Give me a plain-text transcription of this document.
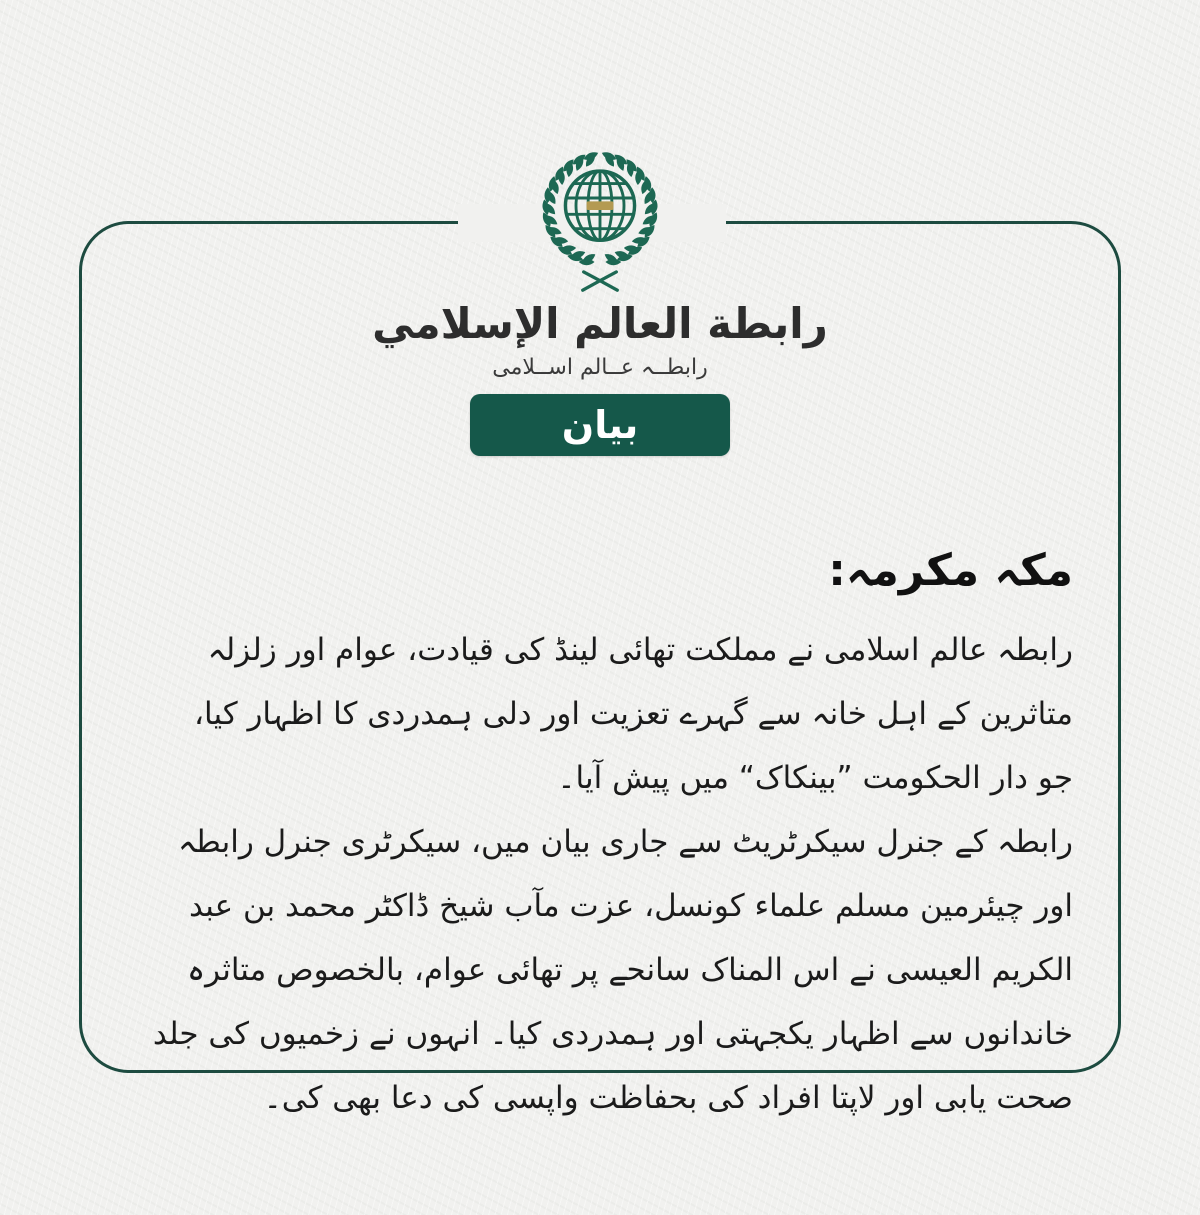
رابطة العالم الإسلامي
رابطــہ عــالم اســلامی
بیان
مکہ مکرمہ:

رابطہ عالم اسلامی نے مملکت تھائی لینڈ کی قیادت، عوام اور زلزلہ متاثرین کے اہل خانہ سے گہرے تعزیت اور دلی ہمدردی کا اظہار کیا، جو دار الحکومت ”بینکاک“ میں پیش آیا۔

رابطہ کے جنرل سیکرٹریٹ سے جاری بیان میں، سیکرٹری جنرل رابطہ اور چیئرمین مسلم علماء کونسل، عزت مآب شیخ ڈاکٹر محمد بن عبد الکریم العیسی نے اس المناک سانحے پر تھائی عوام، بالخصوص متاثرہ خاندانوں سے اظہار یکجہتی اور ہمدردی کیا۔ انہوں نے زخمیوں کی جلد صحت یابی اور لاپتا افراد کی بحفاظت واپسی کی دعا بھی کی۔
